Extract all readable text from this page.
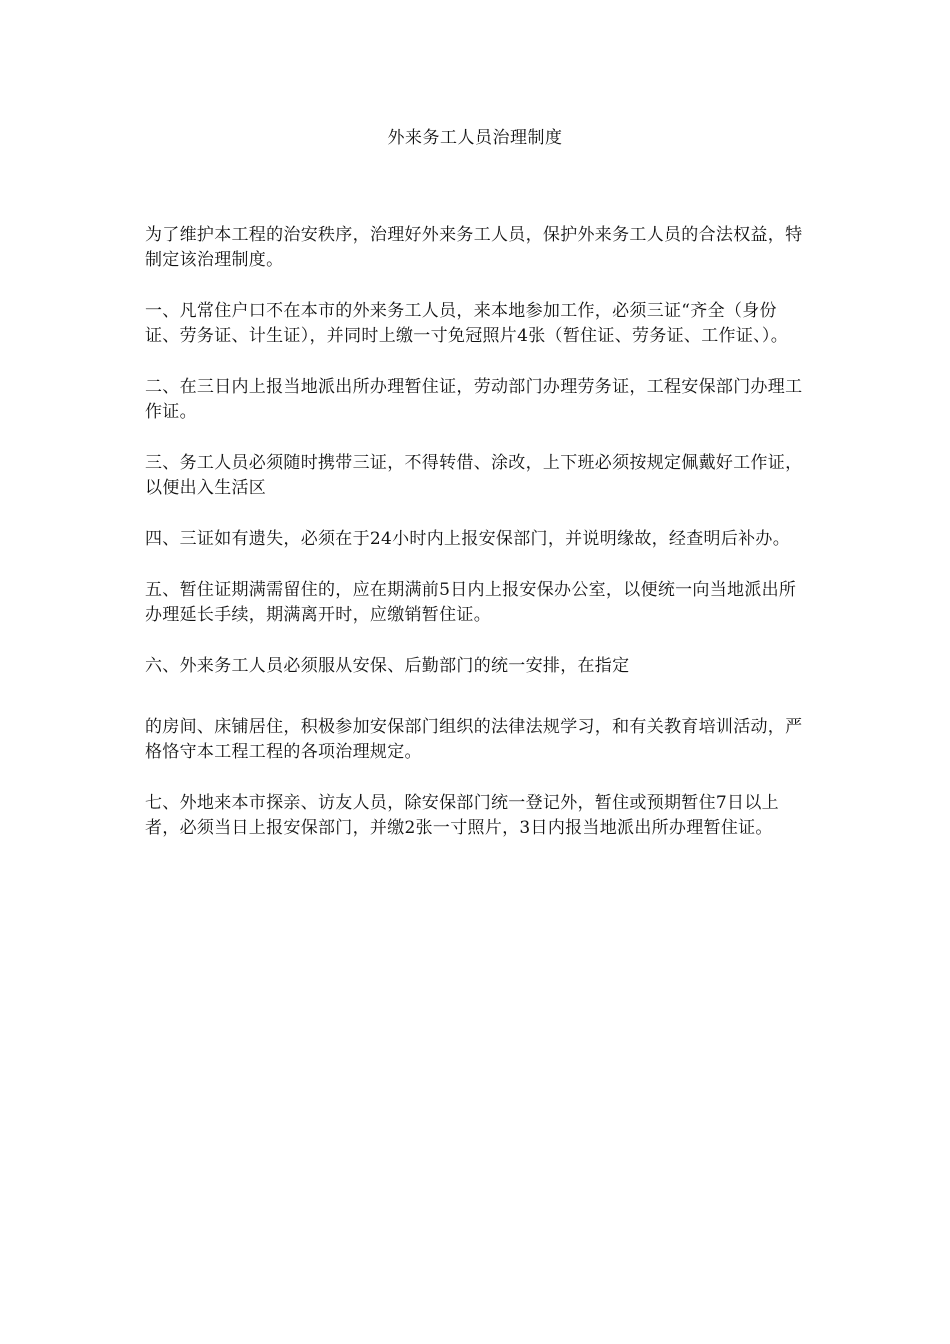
外来务工人员治理制度

为了维护本工程的治安秩序，治理好外来务工人员，保护外来务工人员的合法权益，特制定该治理制度。

一、凡常住户口不在本市的外来务工人员，来本地参加工作，必须三证“齐全（身份证、劳务证、计生证），并同时上缴一寸免冠照片4张（暂住证、劳务证、工作证、）。

二、在三日内上报当地派出所办理暂住证，劳动部门办理劳务证，工程安保部门办理工作证。

三、务工人员必须随时携带三证，不得转借、涂改，上下班必须按规定佩戴好工作证，以便出入生活区

四、三证如有遗失，必须在于24小时内上报安保部门，并说明缘故，经查明后补办。

五、暂住证期满需留住的，应在期满前5日内上报安保办公室，以便统一向当地派出所办理延长手续，期满离开时，应缴销暂住证。

六、外来务工人员必须服从安保、后勤部门的统一安排，在指定

的房间、床铺居住，积极参加安保部门组织的法律法规学习，和有关教育培训活动，严格恪守本工程工程的各项治理规定。

七、外地来本市探亲、访友人员，除安保部门统一登记外，暂住或预期暂住7日以上者，必须当日上报安保部门，并缴2张一寸照片，3日内报当地派出所办理暂住证。
